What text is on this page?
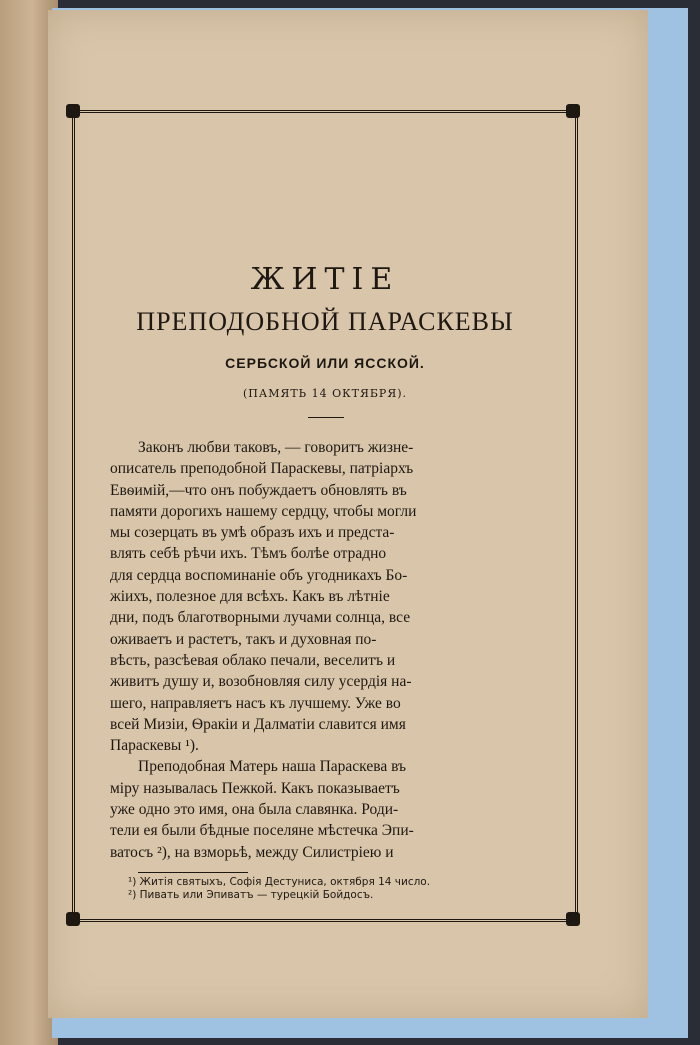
ЖИТІЕ
ПРЕПОДОБНОЙ ПАРАСКЕВЫ
СЕРБСКОЙ ИЛИ ЯССКОЙ.
(ПАМЯТЬ 14 ОКТЯБРЯ).
Законъ любви таковъ, — говоритъ жизне-
описатель преподобной Параскевы, патріархъ
Евѳимій,—что онъ побуждаетъ обновлять въ
памяти дорогихъ нашему сердцу, чтобы могли
мы созерцать въ умѣ образъ ихъ и предста-
влять себѣ рѣчи ихъ. Тѣмъ болѣе отрадно
для сердца воспоминаніе объ угодникахъ Бо-
жіихъ, полезное для всѣхъ. Какъ въ лѣтніе
дни, подъ благотворными лучами солнца, все
оживаетъ и растетъ, такъ и духовная по-
вѣсть, разсѣевая облако печали, веселитъ и
живитъ душу и, возобновляя силу усердія на-
шего, направляетъ насъ къ лучшему. Уже во
всей Мизіи, Ѳракіи и Далматіи славится имя
Параскевы ¹).
Преподобная Матерь наша Параскева въ
міру называлась Пежкой. Какъ показываетъ
уже одно это имя, она была славянка. Роди-
тели ея были бѣдные поселяне мѣстечка Эпи-
ватосъ ²), на взморьѣ, между Силистріею и
¹) Житія святыхъ, Софія Дестуниса, октября 14 число.
²) Пивать или Эпиватъ — турецкій Бойдосъ.
